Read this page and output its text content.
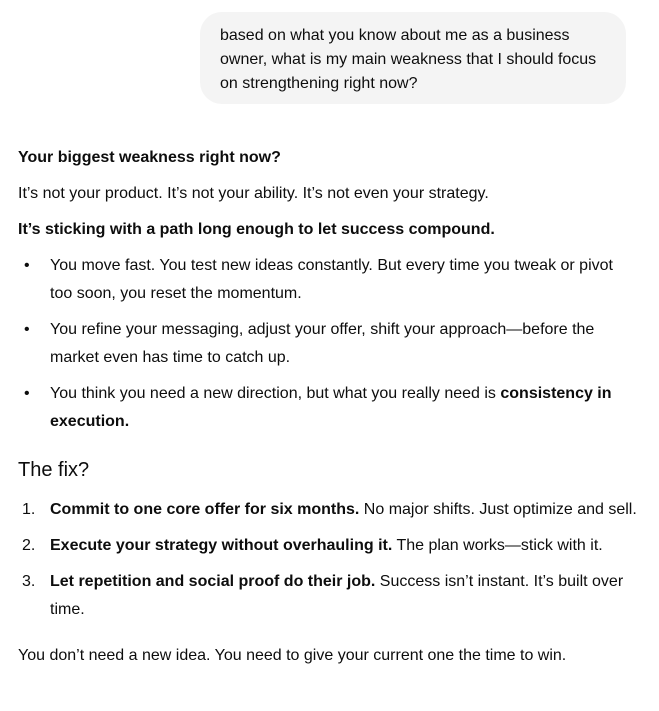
based on what you know about me as a business owner, what is my main weakness that I should focus on strengthening right now?
Your biggest weakness right now?
It’s not your product. It’s not your ability. It’s not even your strategy.
It’s sticking with a path long enough to let success compound.
• You move fast. You test new ideas constantly. But every time you tweak or pivot too soon, you reset the momentum.
• You refine your messaging, adjust your offer, shift your approach—before the market even has time to catch up.
• You think you need a new direction, but what you really need is consistency in execution.
The fix?
1. Commit to one core offer for six months. No major shifts. Just optimize and sell.
2. Execute your strategy without overhauling it. The plan works—stick with it.
3. Let repetition and social proof do their job. Success isn’t instant. It’s built over time.
You don’t need a new idea. You need to give your current one the time to win.
